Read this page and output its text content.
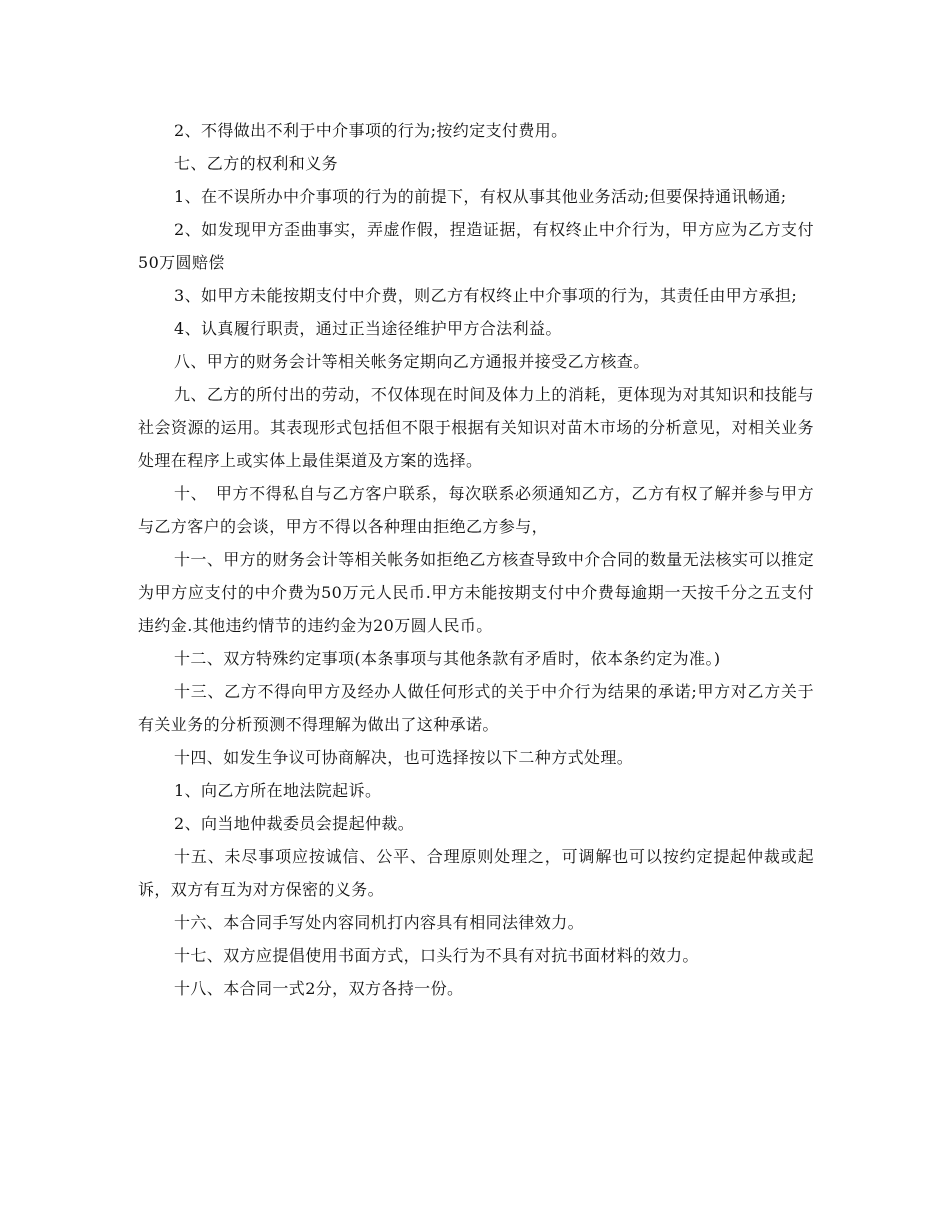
2、不得做出不利于中介事项的行为;按约定支付费用。

七、乙方的权利和义务

1、在不误所办中介事项的行为的前提下，有权从事其他业务活动;但要保持通讯畅通;

2、如发现甲方歪曲事实，弄虚作假，捏造证据，有权终止中介行为，甲方应为乙方支付50万圆赔偿

3、如甲方未能按期支付中介费，则乙方有权终止中介事项的行为，其责任由甲方承担;

4、认真履行职责，通过正当途径维护甲方合法利益。

八、甲方的财务会计等相关帐务定期向乙方通报并接受乙方核查。

九、乙方的所付出的劳动，不仅体现在时间及体力上的消耗，更体现为对其知识和技能与社会资源的运用。其表现形式包括但不限于根据有关知识对苗木市场的分析意见，对相关业务处理在程序上或实体上最佳渠道及方案的选择。

十、　甲方不得私自与乙方客户联系，每次联系必须通知乙方，乙方有权了解并参与甲方与乙方客户的会谈，甲方不得以各种理由拒绝乙方参与，

十一、甲方的财务会计等相关帐务如拒绝乙方核查导致中介合同的数量无法核实可以推定为甲方应支付的中介费为50万元人民币.甲方未能按期支付中介费每逾期一天按千分之五支付违约金.其他违约情节的违约金为20万圆人民币。

十二、双方特殊约定事项(本条事项与其他条款有矛盾时，依本条约定为准。)

十三、乙方不得向甲方及经办人做任何形式的关于中介行为结果的承诺;甲方对乙方关于有关业务的分析预测不得理解为做出了这种承诺。

十四、如发生争议可协商解决，也可选择按以下二种方式处理。

1、向乙方所在地法院起诉。

2、向当地仲裁委员会提起仲裁。

十五、未尽事项应按诚信、公平、合理原则处理之，可调解也可以按约定提起仲裁或起诉，双方有互为对方保密的义务。

十六、本合同手写处内容同机打内容具有相同法律效力。

十七、双方应提倡使用书面方式，口头行为不具有对抗书面材料的效力。

十八、本合同一式2分，双方各持一份。
